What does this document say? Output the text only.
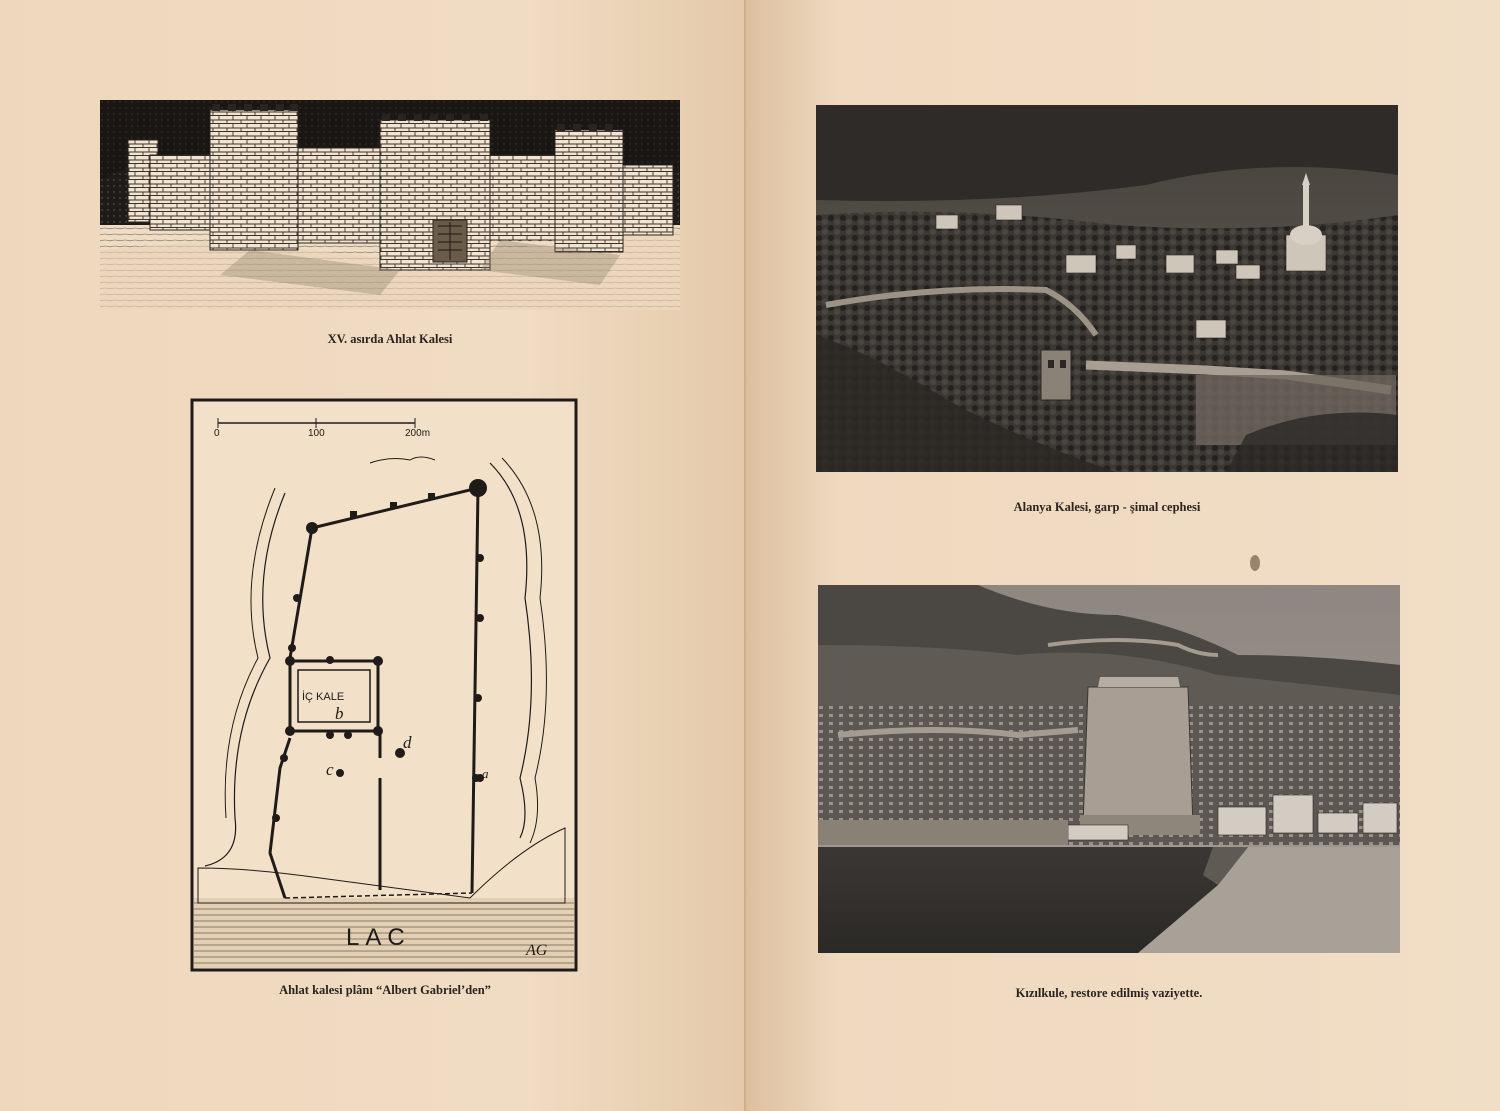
XV. asırda Ahlat Kalesi
0	100	200m
İÇ KALE
b
c
d
a
LAC	AG
Ahlat kalesi plânı “Albert Gabriel’den”
Alanya Kalesi, garp - şimal cephesi
Kızılkule, restore edilmiş vaziyette.
